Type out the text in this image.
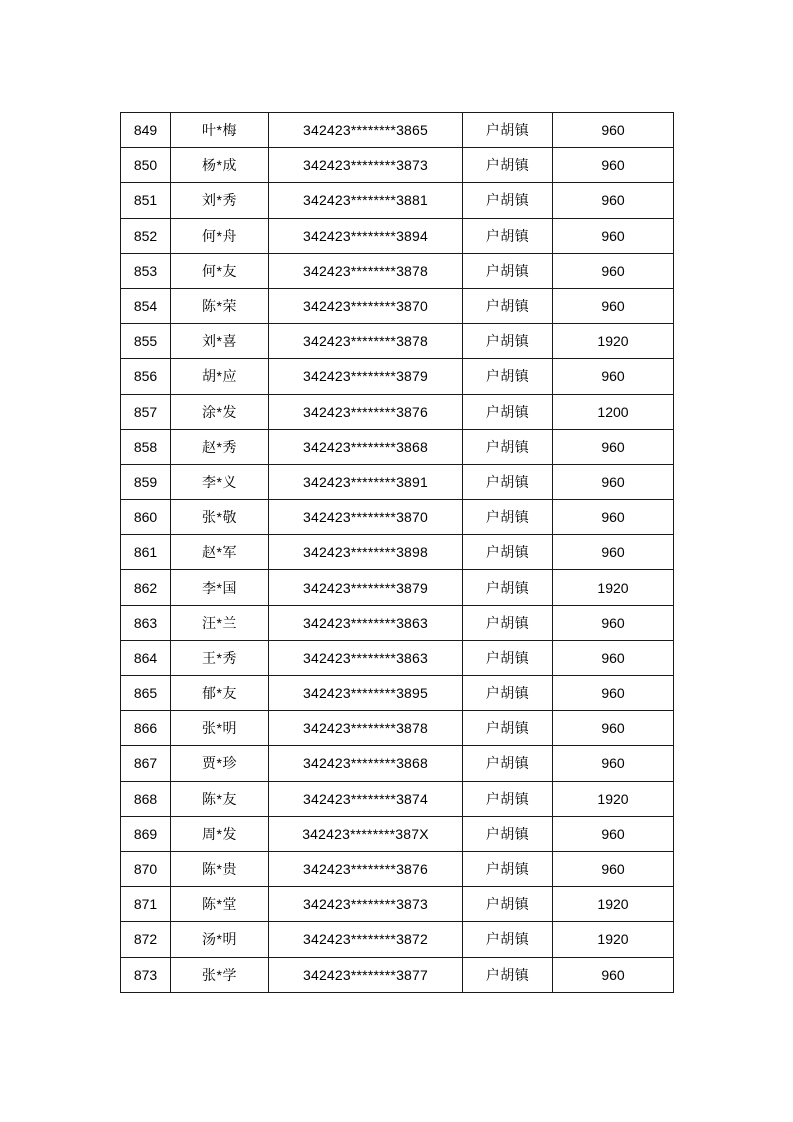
849	叶*梅	342423********3865	户胡镇	960
850	杨*成	342423********3873	户胡镇	960
851	刘*秀	342423********3881	户胡镇	960
852	何*舟	342423********3894	户胡镇	960
853	何*友	342423********3878	户胡镇	960
854	陈*荣	342423********3870	户胡镇	960
855	刘*喜	342423********3878	户胡镇	1920
856	胡*应	342423********3879	户胡镇	960
857	涂*发	342423********3876	户胡镇	1200
858	赵*秀	342423********3868	户胡镇	960
859	李*义	342423********3891	户胡镇	960
860	张*敬	342423********3870	户胡镇	960
861	赵*军	342423********3898	户胡镇	960
862	李*国	342423********3879	户胡镇	1920
863	汪*兰	342423********3863	户胡镇	960
864	王*秀	342423********3863	户胡镇	960
865	郁*友	342423********3895	户胡镇	960
866	张*明	342423********3878	户胡镇	960
867	贾*珍	342423********3868	户胡镇	960
868	陈*友	342423********3874	户胡镇	1920
869	周*发	342423********387X	户胡镇	960
870	陈*贵	342423********3876	户胡镇	960
871	陈*堂	342423********3873	户胡镇	1920
872	汤*明	342423********3872	户胡镇	1920
873	张*学	342423********3877	户胡镇	960
